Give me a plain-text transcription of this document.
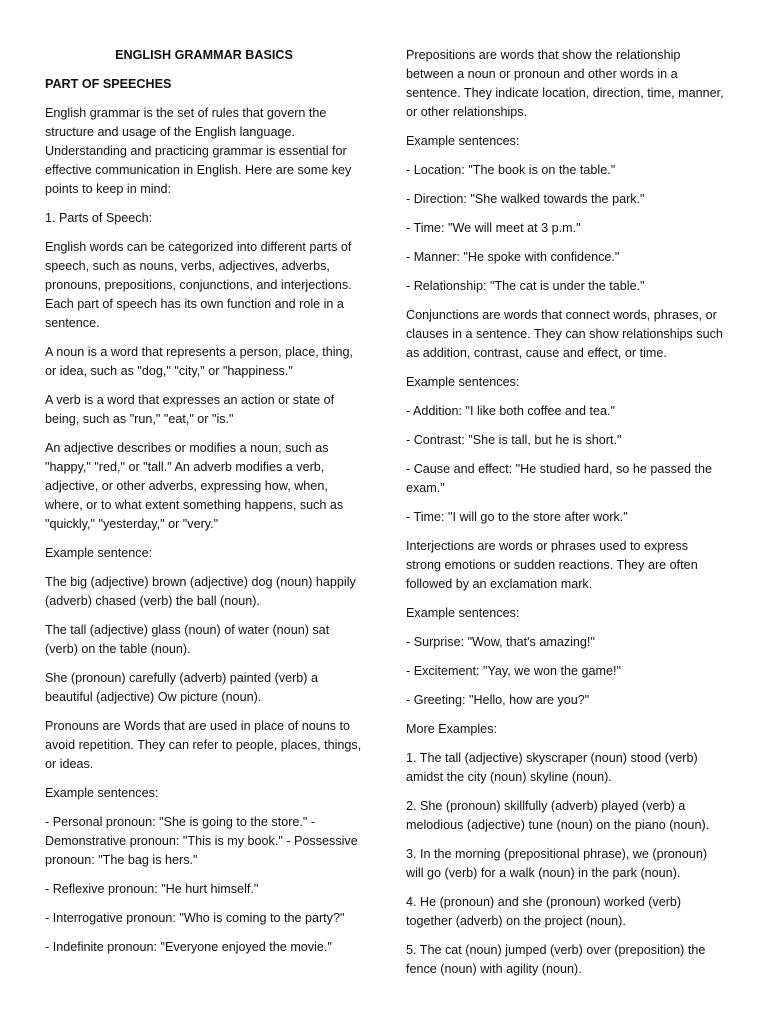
ENGLISH GRAMMAR BASICS
PART OF SPEECHES

English grammar is the set of rules that govern the structure and usage of the English language. Understanding and practicing grammar is essential for effective communication in English. Here are some key points to keep in mind:

1. Parts of Speech:

English words can be categorized into different parts of speech, such as nouns, verbs, adjectives, adverbs, pronouns, prepositions, conjunctions, and interjections. Each part of speech has its own function and role in a sentence.

A noun is a word that represents a person, place, thing, or idea, such as "dog," "city," or "happiness."

A verb is a word that expresses an action or state of being, such as "run," "eat," or "is."

An adjective describes or modifies a noun, such as "happy," "red," or "tall." An adverb modifies a verb, adjective, or other adverbs, expressing how, when, where, or to what extent something happens, such as "quickly," "yesterday," or "very."

Example sentence:

The big (adjective) brown (adjective) dog (noun) happily (adverb) chased (verb) the ball (noun).

The tall (adjective) glass (noun) of water (noun) sat (verb) on the table (noun).

She (pronoun) carefully (adverb) painted (verb) a beautiful (adjective) Ow picture (noun).

Pronouns are Words that are used in place of nouns to avoid repetition. They can refer to people, places, things, or ideas.

Example sentences:

- Personal pronoun: "She is going to the store." - Demonstrative pronoun: "This is my book." - Possessive pronoun: "The bag is hers."

- Reflexive pronoun: "He hurt himself."

- Interrogative pronoun: "Who is coming to the party?"

- Indefinite pronoun: "Everyone enjoyed the movie."

Prepositions are words that show the relationship between a noun or pronoun and other words in a sentence. They indicate location, direction, time, manner, or other relationships.

Example sentences:

- Location: "The book is on the table."

- Direction: "She walked towards the park."

- Time: "We will meet at 3 p.m."

- Manner: "He spoke with confidence."

- Relationship: "The cat is under the table."

Conjunctions are words that connect words, phrases, or clauses in a sentence. They can show relationships such as addition, contrast, cause and effect, or time.

Example sentences:

- Addition: "I like both coffee and tea."

- Contrast: "She is tall, but he is short."

- Cause and effect: "He studied hard, so he passed the exam."

- Time: "I will go to the store after work."

Interjections are words or phrases used to express strong emotions or sudden reactions. They are often followed by an exclamation mark.

Example sentences:

- Surprise: "Wow, that's amazing!"

- Excitement: "Yay, we won the game!"

- Greeting: "Hello, how are you?"

More Examples:

1. The tall (adjective) skyscraper (noun) stood (verb) amidst the city (noun) skyline (noun).

2. She (pronoun) skillfully (adverb) played (verb) a melodious (adjective) tune (noun) on the piano (noun).

3. In the morning (prepositional phrase), we (pronoun) will go (verb) for a walk (noun) in the park (noun).

4. He (pronoun) and she (pronoun) worked (verb) together (adverb) on the project (noun).

5. The cat (noun) jumped (verb) over (preposition) the fence (noun) with agility (noun).
